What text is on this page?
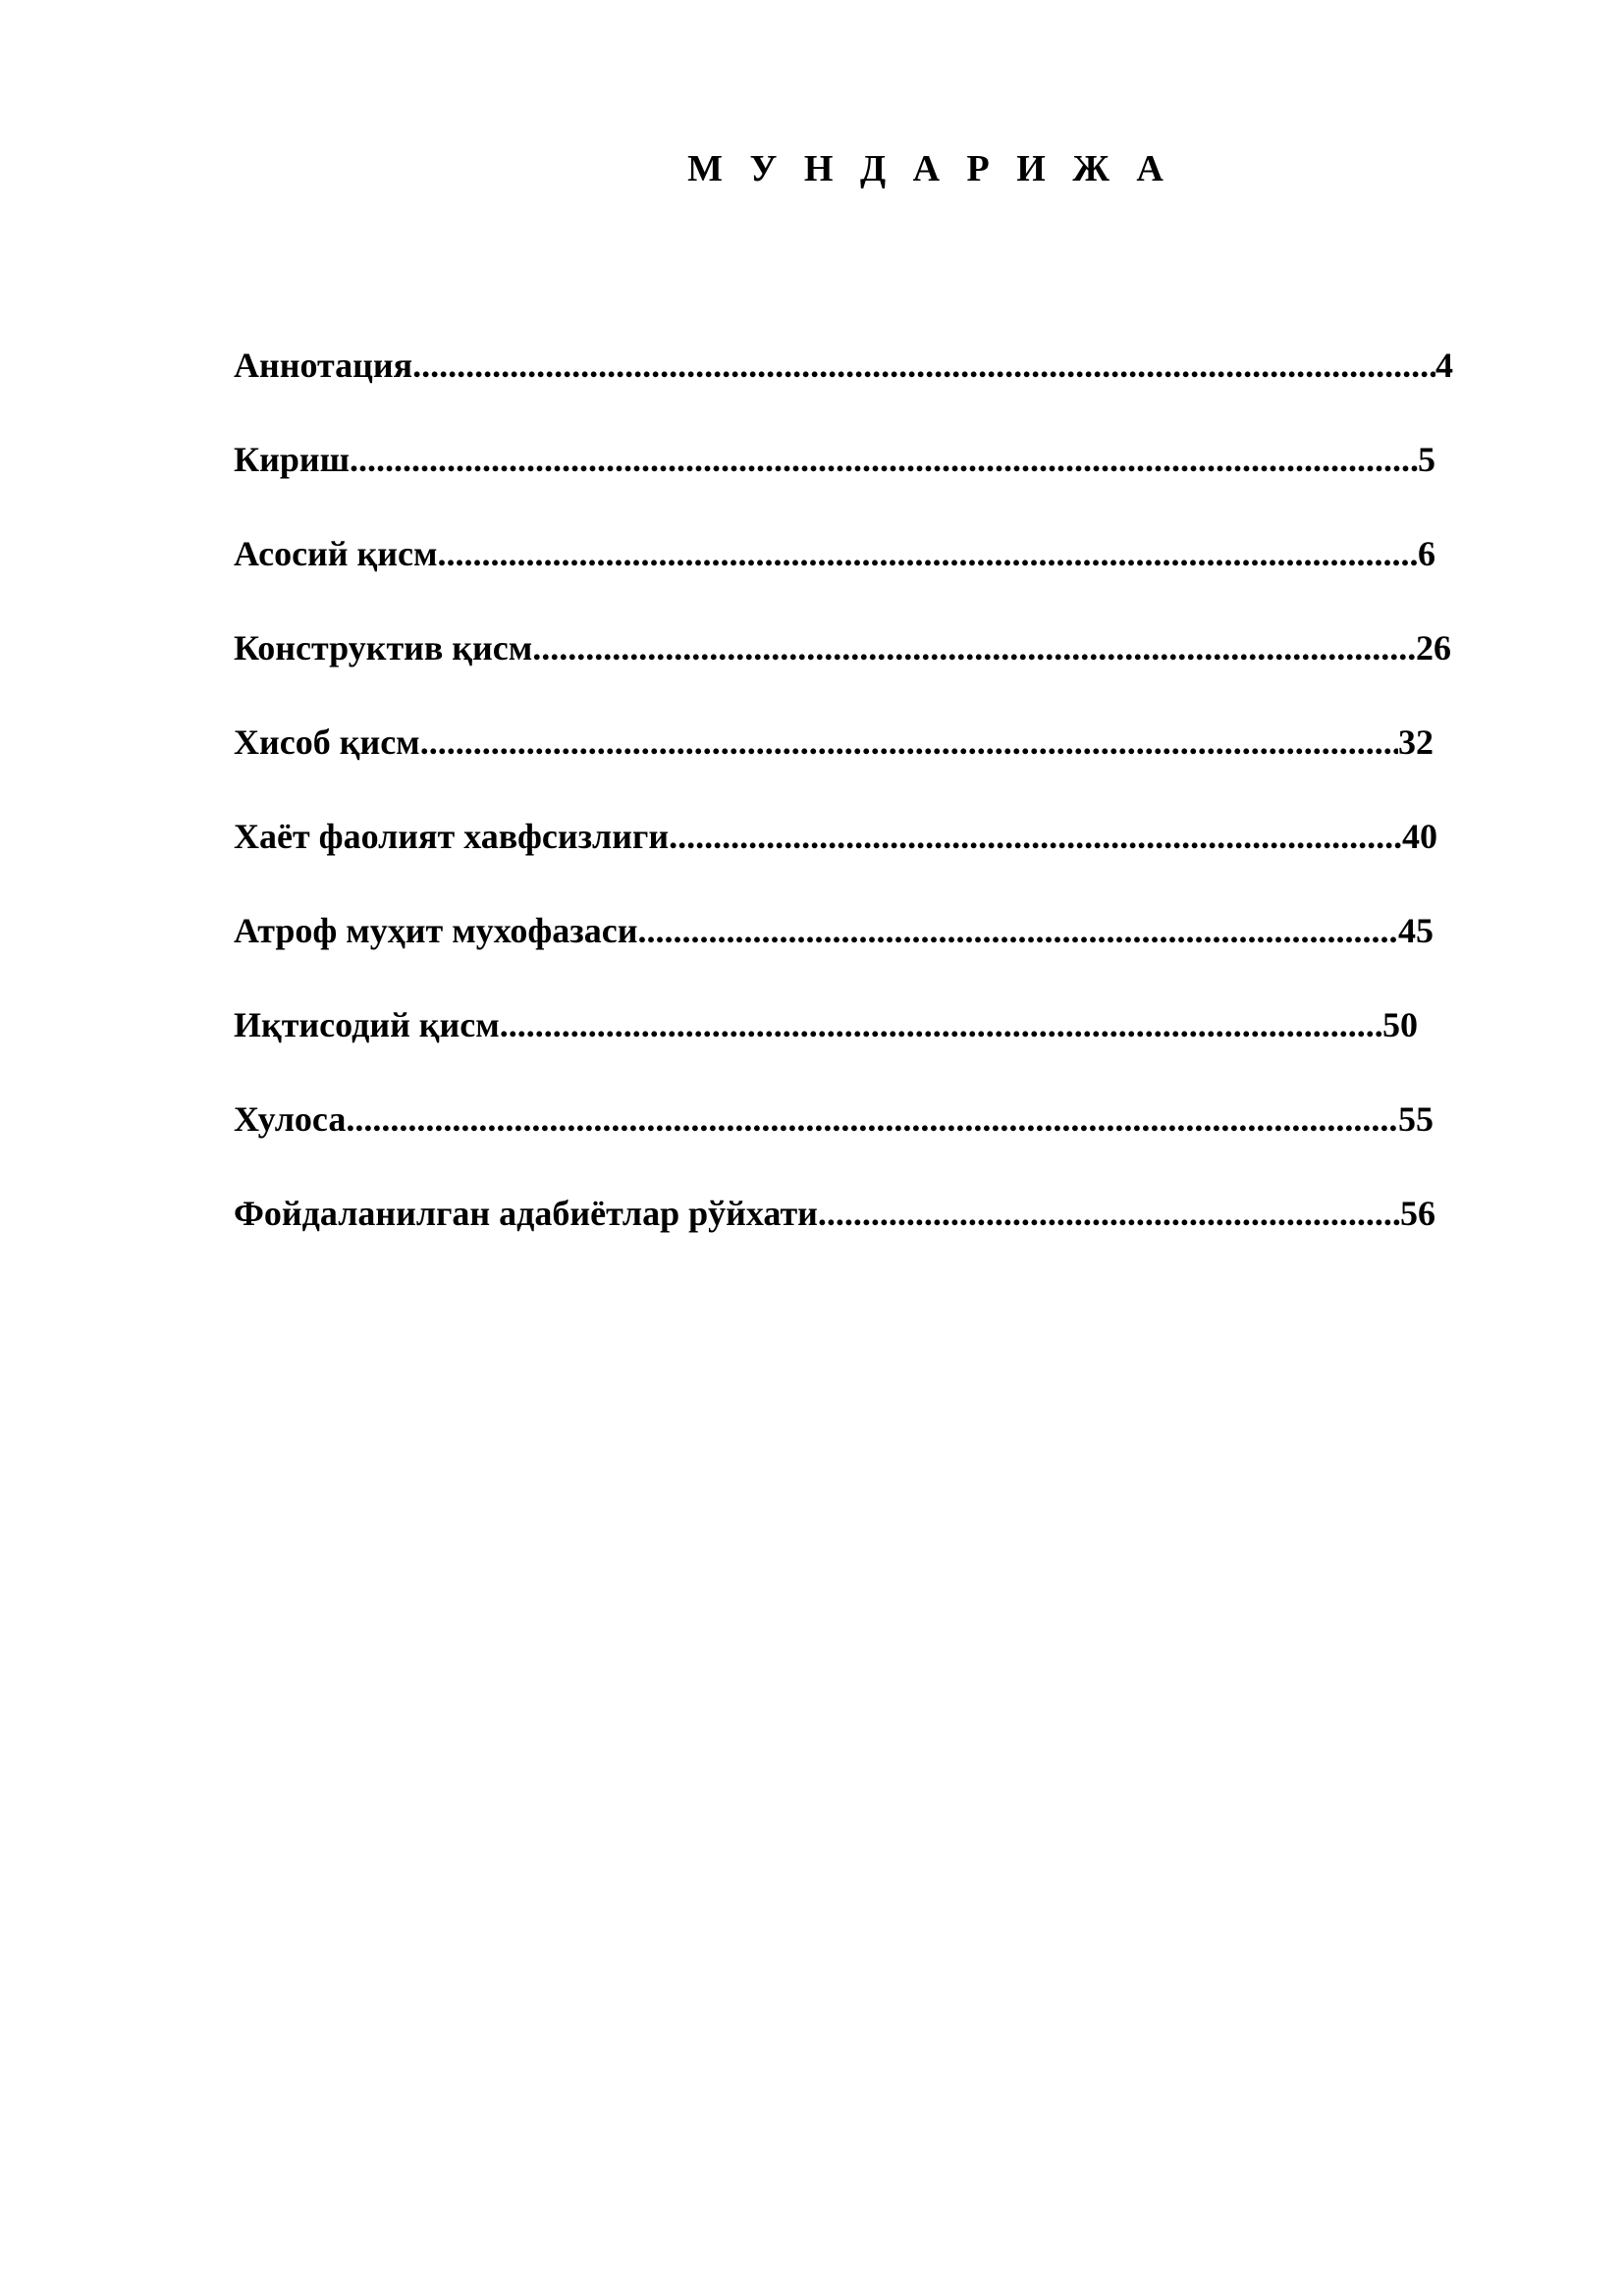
М У Н Д А Р И Ж А
Аннотация .....	4
Кириш .....	5
Асосий қисм .....	6
Конструктив қисм .....	26
Хисоб қисм .....	32
Хаёт фаолият хавфсизлиги .....	40
Атроф муҳит мухофазаси .....	45
Иқтисодий қисм .....	50
Хулоса .....	55
Фойдаланилган адабиётлар рўйхати .....	56
